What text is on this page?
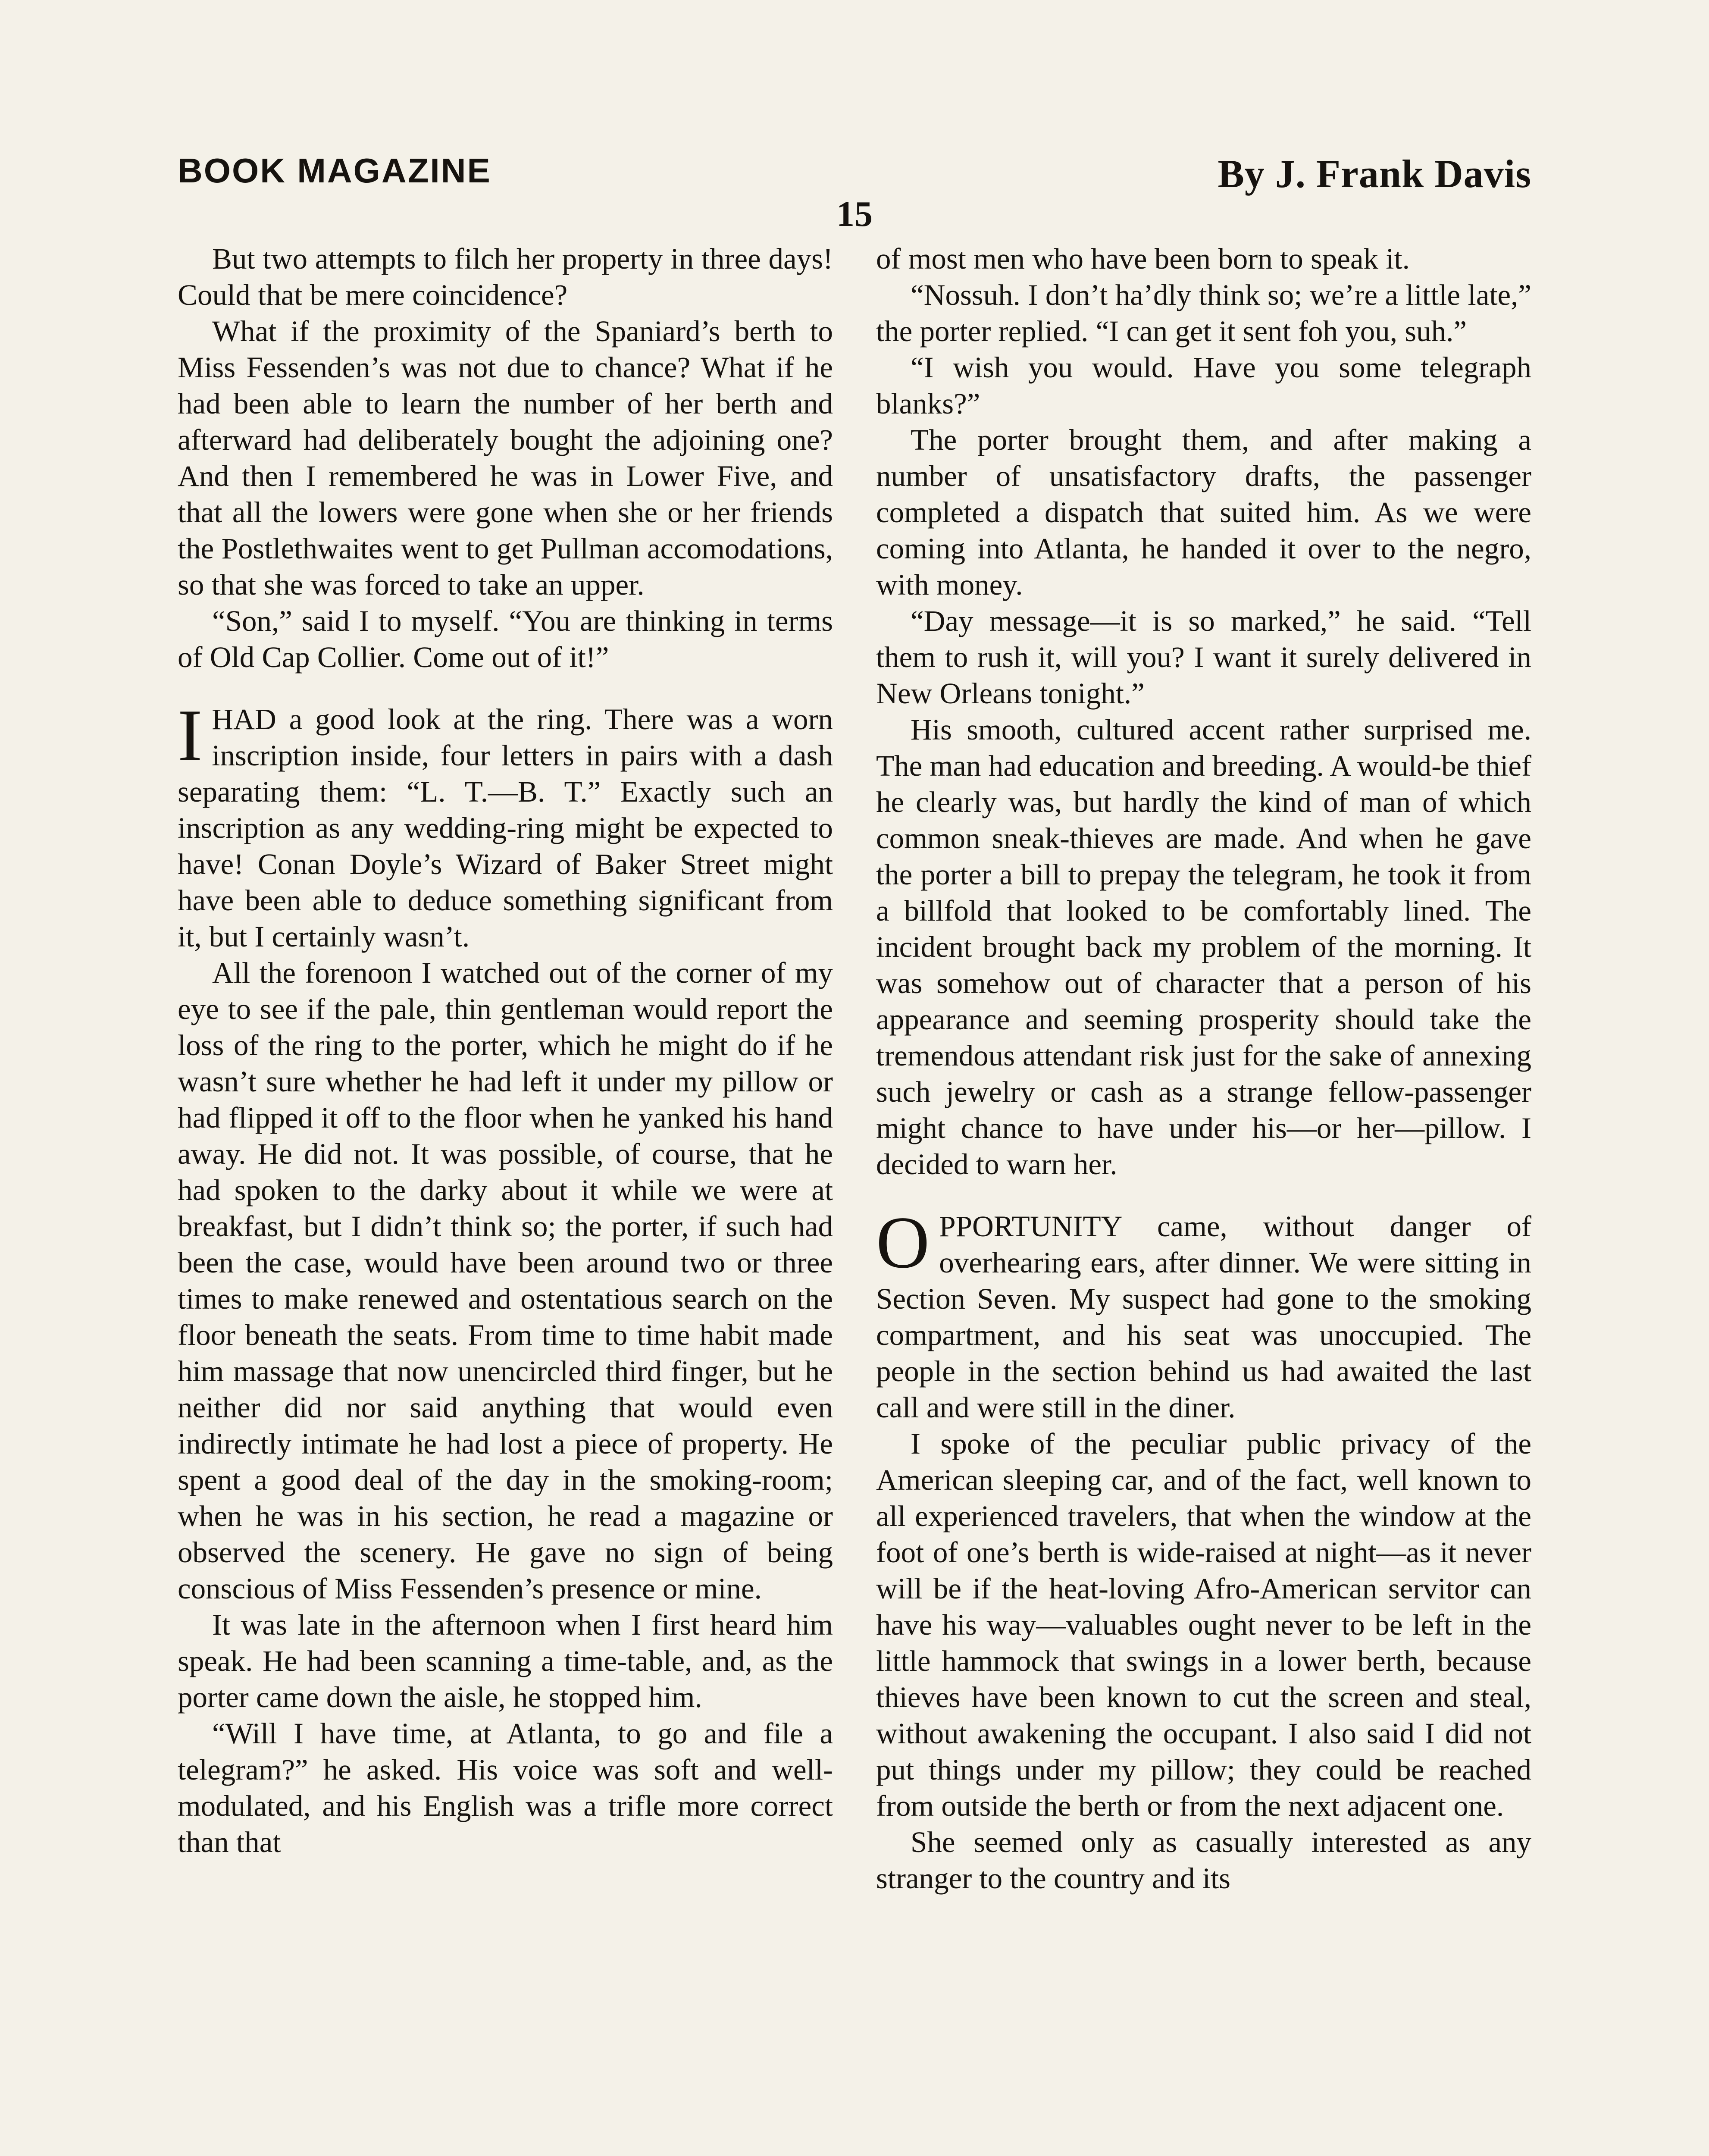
BOOK MAGAZINE	By J. Frank Davis
15

But two attempts to filch her property in three days! Could that be mere coincidence?

What if the proximity of the Spaniard’s berth to Miss Fessenden’s was not due to chance? What if he had been able to learn the number of her berth and afterward had deliberately bought the adjoining one? And then I remembered he was in Lower Five, and that all the lowers were gone when she or her friends the Postlethwaites went to get Pullman accomodations, so that she was forced to take an upper.

“Son,” said I to myself. “You are thinking in terms of Old Cap Collier. Come out of it!”

IHAD a good look at the ring. There was a worn inscription inside, four letters in pairs with a dash separating them: “L. T.—B. T.” Exactly such an inscription as any wedding-ring might be expected to have! Conan Doyle’s Wizard of Baker Street might have been able to deduce something significant from it, but I certainly wasn’t.

All the forenoon I watched out of the corner of my eye to see if the pale, thin gentleman would report the loss of the ring to the porter, which he might do if he wasn’t sure whether he had left it under my pillow or had flipped it off to the floor when he yanked his hand away. He did not. It was possible, of course, that he had spoken to the darky about it while we were at breakfast, but I didn’t think so; the porter, if such had been the case, would have been around two or three times to make renewed and ostentatious search on the floor beneath the seats. From time to time habit made him massage that now unencircled third finger, but he neither did nor said anything that would even indirectly intimate he had lost a piece of property. He spent a good deal of the day in the smoking-room; when he was in his section, he read a magazine or observed the scenery. He gave no sign of being conscious of Miss Fessenden’s presence or mine.

It was late in the afternoon when I first heard him speak. He had been scanning a time-table, and, as the porter came down the aisle, he stopped him.

“Will I have time, at Atlanta, to go and file a telegram?” he asked. His voice was soft and well-modulated, and his English was a trifle more correct than that

of most men who have been born to speak it.

“Nossuh. I don’t ha’dly think so; we’re a little late,” the porter replied. “I can get it sent foh you, suh.”

“I wish you would. Have you some telegraph blanks?”

The porter brought them, and after making a number of unsatisfactory drafts, the passenger completed a dispatch that suited him. As we were coming into Atlanta, he handed it over to the negro, with money.

“Day message—it is so marked,” he said. “Tell them to rush it, will you? I want it surely delivered in New Orleans tonight.”

His smooth, cultured accent rather surprised me. The man had education and breeding. A would-be thief he clearly was, but hardly the kind of man of which common sneak-thieves are made. And when he gave the porter a bill to prepay the telegram, he took it from a billfold that looked to be comfortably lined. The incident brought back my problem of the morning. It was somehow out of character that a person of his appearance and seeming prosperity should take the tremendous attendant risk just for the sake of annexing such jewelry or cash as a strange fellow-passenger might chance to have under his—or her—pillow. I decided to warn her.

OPPORTUNITY came, without danger of overhearing ears, after dinner. We were sitting in Section Seven. My suspect had gone to the smoking compartment, and his seat was unoccupied. The people in the section behind us had awaited the last call and were still in the diner.

I spoke of the peculiar public privacy of the American sleeping car, and of the fact, well known to all experienced travelers, that when the window at the foot of one’s berth is wide-raised at night—as it never will be if the heat-loving Afro-American servitor can have his way—valuables ought never to be left in the little hammock that swings in a lower berth, because thieves have been known to cut the screen and steal, without awakening the occupant. I also said I did not put things under my pillow; they could be reached from outside the berth or from the next adjacent one.

She seemed only as casually interested as any stranger to the country and its
